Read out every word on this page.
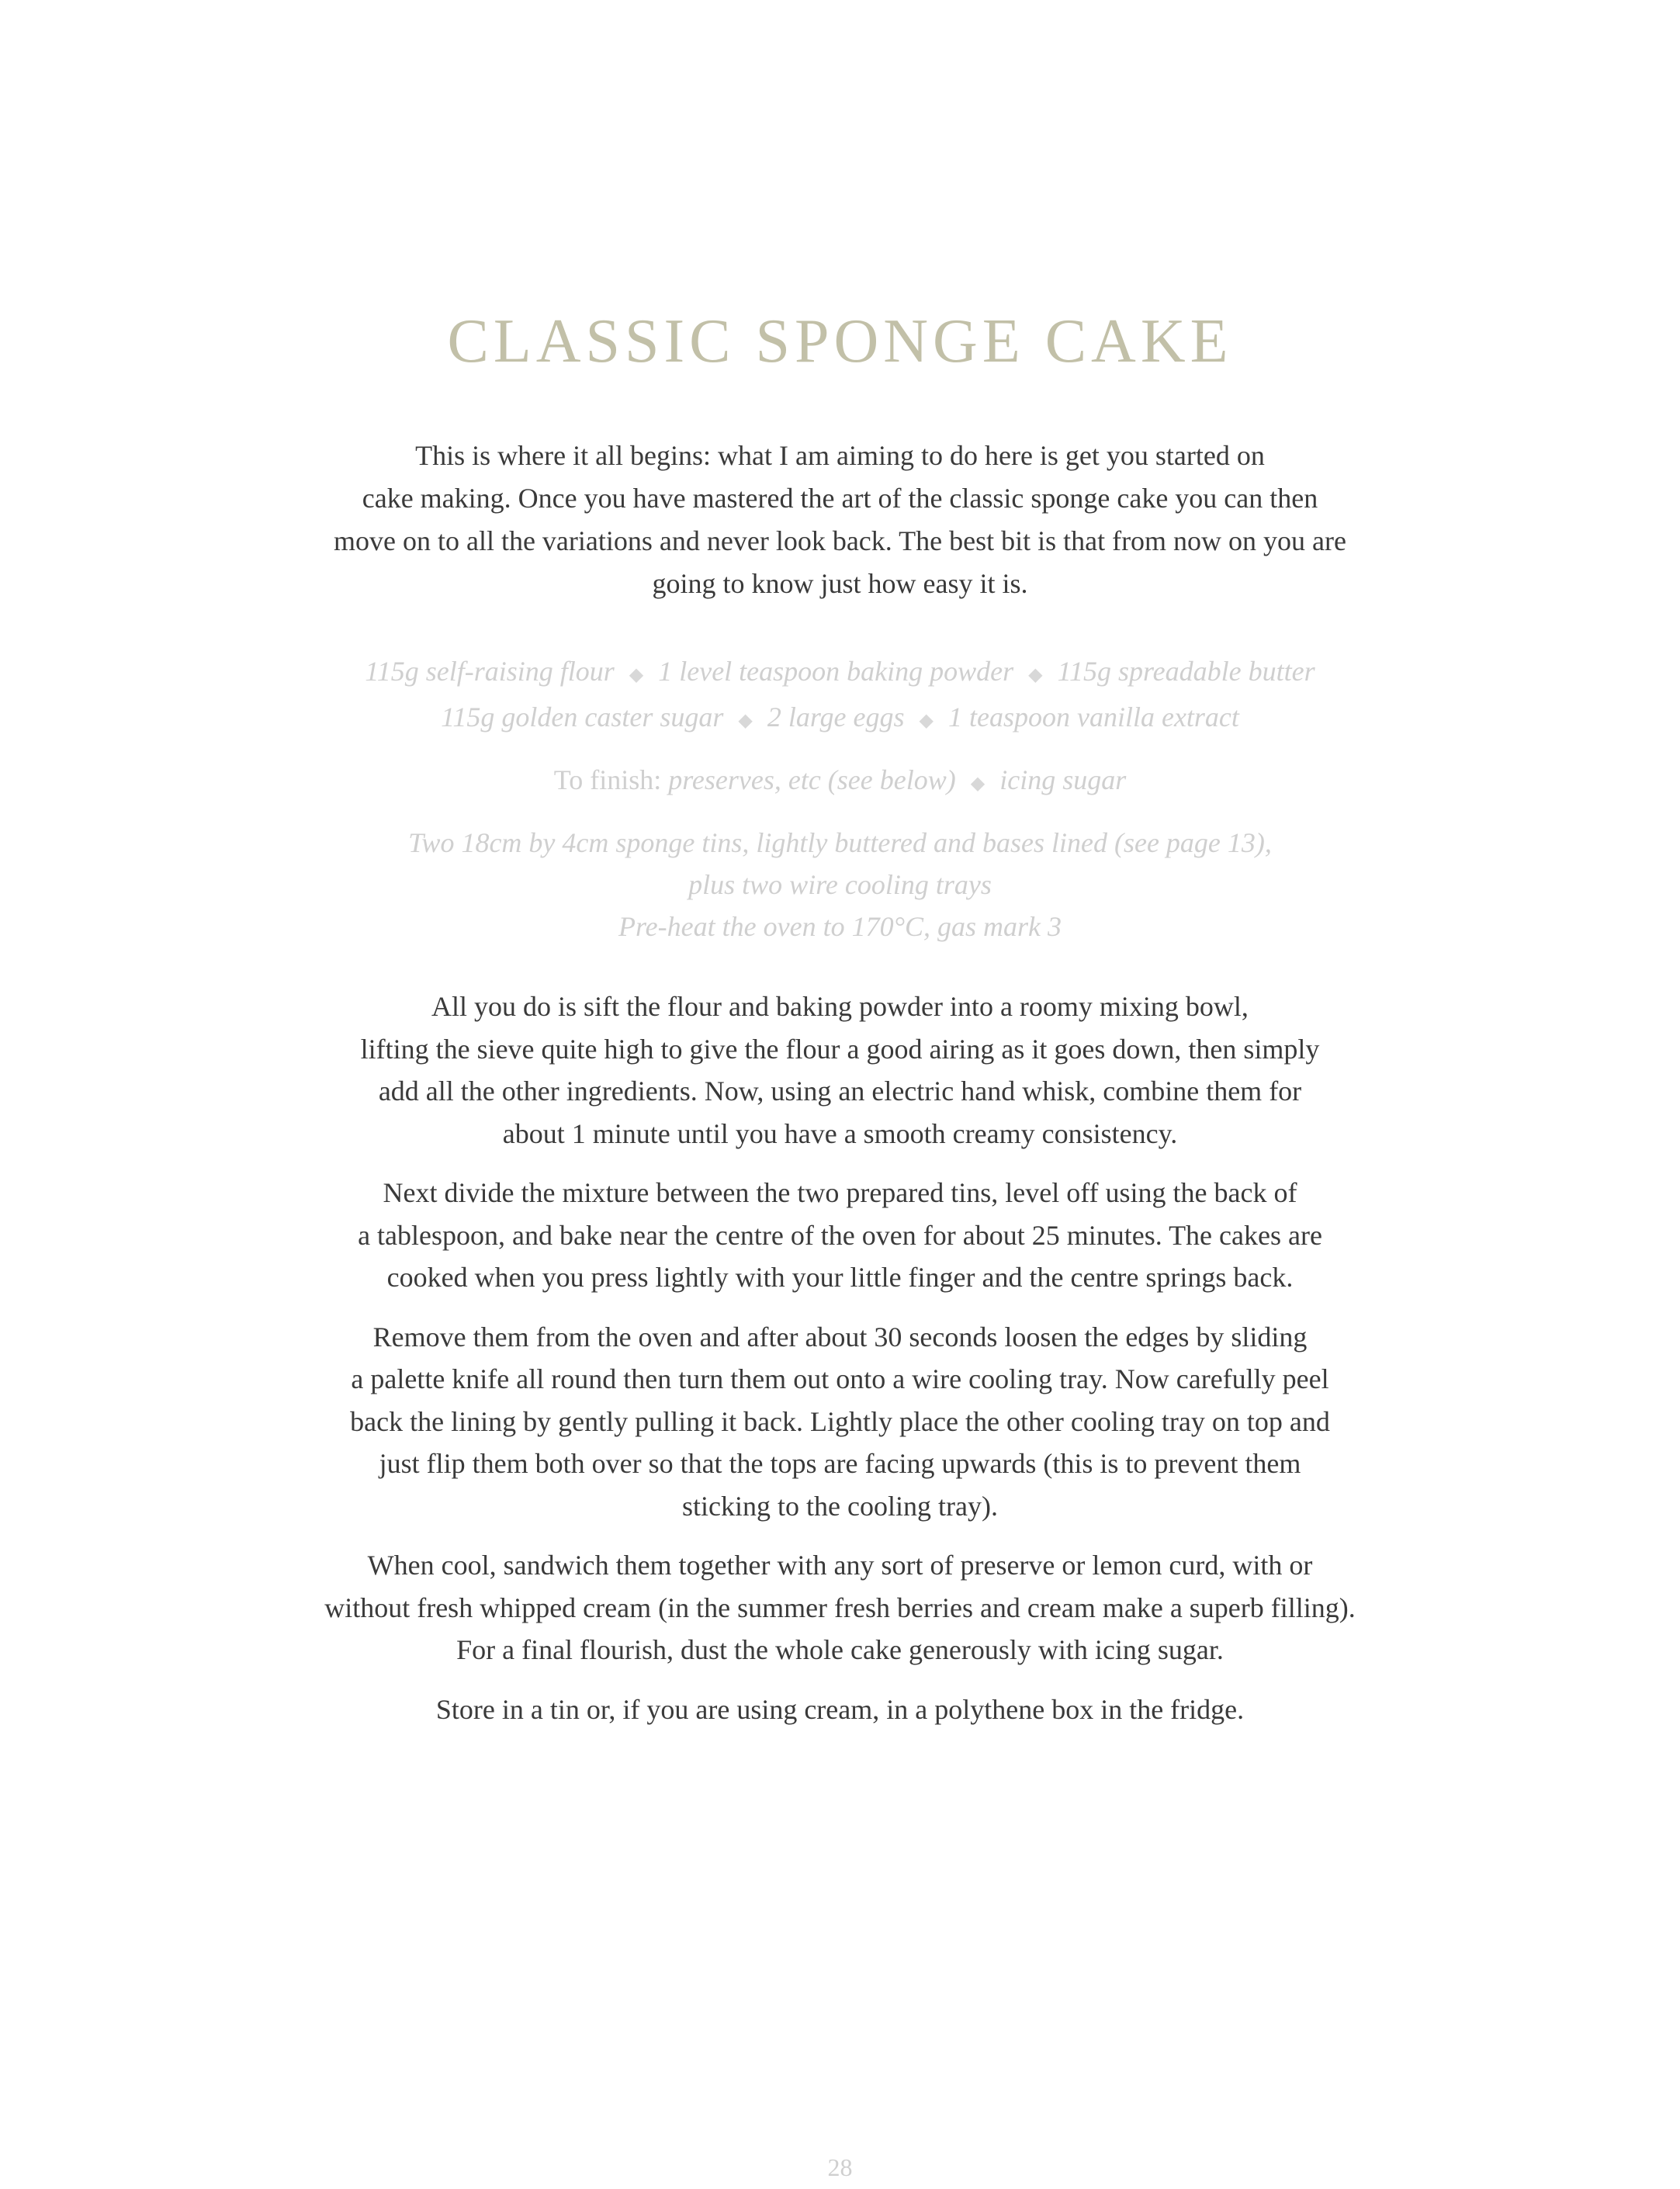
CLASSIC SPONGE CAKE

This is where it all begins: what I am aiming to do here is get you started on
cake making. Once you have mastered the art of the classic sponge cake you can then
move on to all the variations and never look back. The best bit is that from now on you are
going to know just how easy it is.

115g self-raising flour ◆ 1 level teaspoon baking powder ◆ 115g spreadable butter

115g golden caster sugar ◆ 2 large eggs ◆ 1 teaspoon vanilla extract

To finish: preserves, etc (see below) ◆ icing sugar

Two 18cm by 4cm sponge tins, lightly buttered and bases lined (see page 13),

plus two wire cooling trays

Pre-heat the oven to 170°C, gas mark 3

All you do is sift the flour and baking powder into a roomy mixing bowl,
lifting the sieve quite high to give the flour a good airing as it goes down, then simply
add all the other ingredients. Now, using an electric hand whisk, combine them for
about 1 minute until you have a smooth creamy consistency.

Next divide the mixture between the two prepared tins, level off using the back of
a tablespoon, and bake near the centre of the oven for about 25 minutes. The cakes are
cooked when you press lightly with your little finger and the centre springs back.

Remove them from the oven and after about 30 seconds loosen the edges by sliding
a palette knife all round then turn them out onto a wire cooling tray. Now carefully peel
back the lining by gently pulling it back. Lightly place the other cooling tray on top and
just flip them both over so that the tops are facing upwards (this is to prevent them
sticking to the cooling tray).

When cool, sandwich them together with any sort of preserve or lemon curd, with or
without fresh whipped cream (in the summer fresh berries and cream make a superb filling).
For a final flourish, dust the whole cake generously with icing sugar.

Store in a tin or, if you are using cream, in a polythene box in the fridge.

28
